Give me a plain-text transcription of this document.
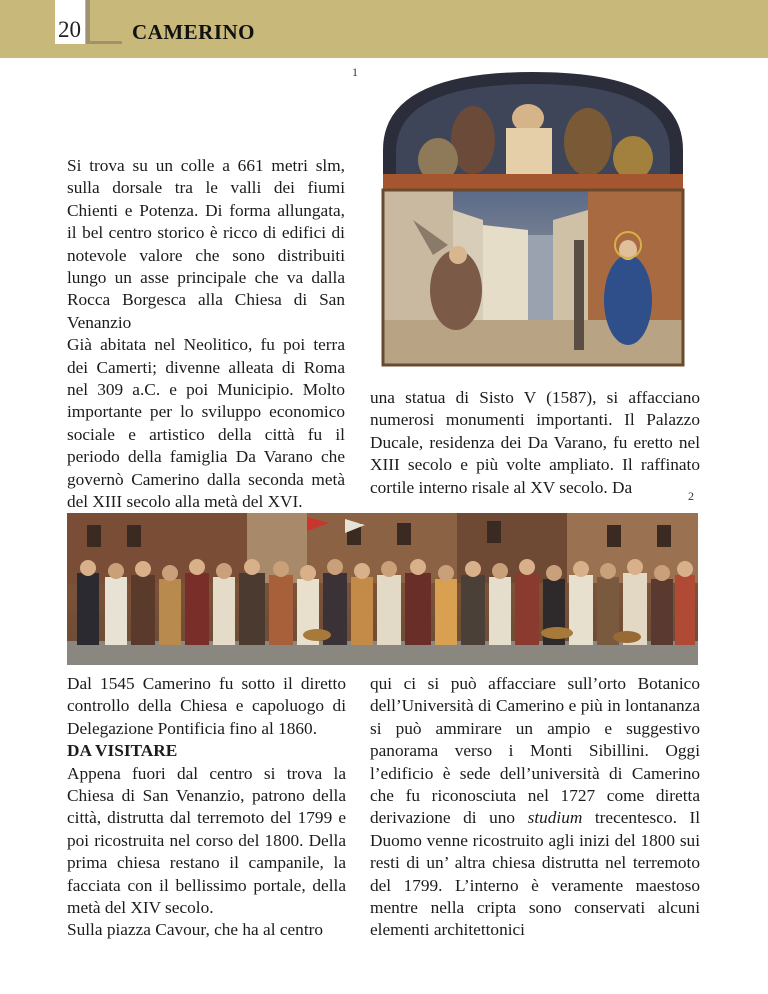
20 CAMERINO
1

Si trova su un colle a 661 metri slm, sulla dorsale tra le valli dei fiumi Chienti e Potenza. Di forma allungata, il bel centro storico è ricco di edifici di notevole valore che sono distribuiti lungo un asse principale che va dalla Rocca Borgesca alla Chiesa di San Venanzio

Già abitata nel Neolitico, fu poi terra dei Camerti; divenne alleata di Roma nel 309 a.C. e poi Municipio. Molto importante per lo sviluppo economico sociale e artistico della città fu il periodo della famiglia Da Varano che governò Camerino dalla seconda metà del XIII secolo alla metà del XVI.

una statua di Sisto V (1587), si affacciano numerosi monumenti importanti. Il Palazzo Ducale, residenza dei Da Varano, fu eretto nel XIII secolo e più volte ampliato. Il raffinato cortile interno risale al XV secolo. Da	2

Dal 1545 Camerino fu sotto il diretto controllo della Chiesa e capoluogo di Delegazione Pontificia fino al 1860.

DA VISITARE

Appena fuori dal centro si trova la Chiesa di San Venanzio, patrono della città, distrutta dal terremoto del 1799 e poi ricostruita nel corso del 1800. Della prima chiesa restano il campanile, la facciata con il bellissimo portale, della metà del XIV secolo.

Sulla piazza Cavour, che ha al centro

qui ci si può affacciare sull’orto Botanico dell’Università di Camerino e più in lontananza si può ammirare un ampio e suggestivo panorama verso i Monti Sibillini. Oggi l’edificio è sede dell’università di Camerino che fu riconosciuta nel 1727 come diretta derivazione di uno studium trecentesco. Il Duomo venne ricostruito agli inizi del 1800 sui resti di un’ altra chiesa distrutta nel terremoto del 1799. L’interno è veramente maestoso mentre nella cripta sono conservati alcuni elementi architettonici
